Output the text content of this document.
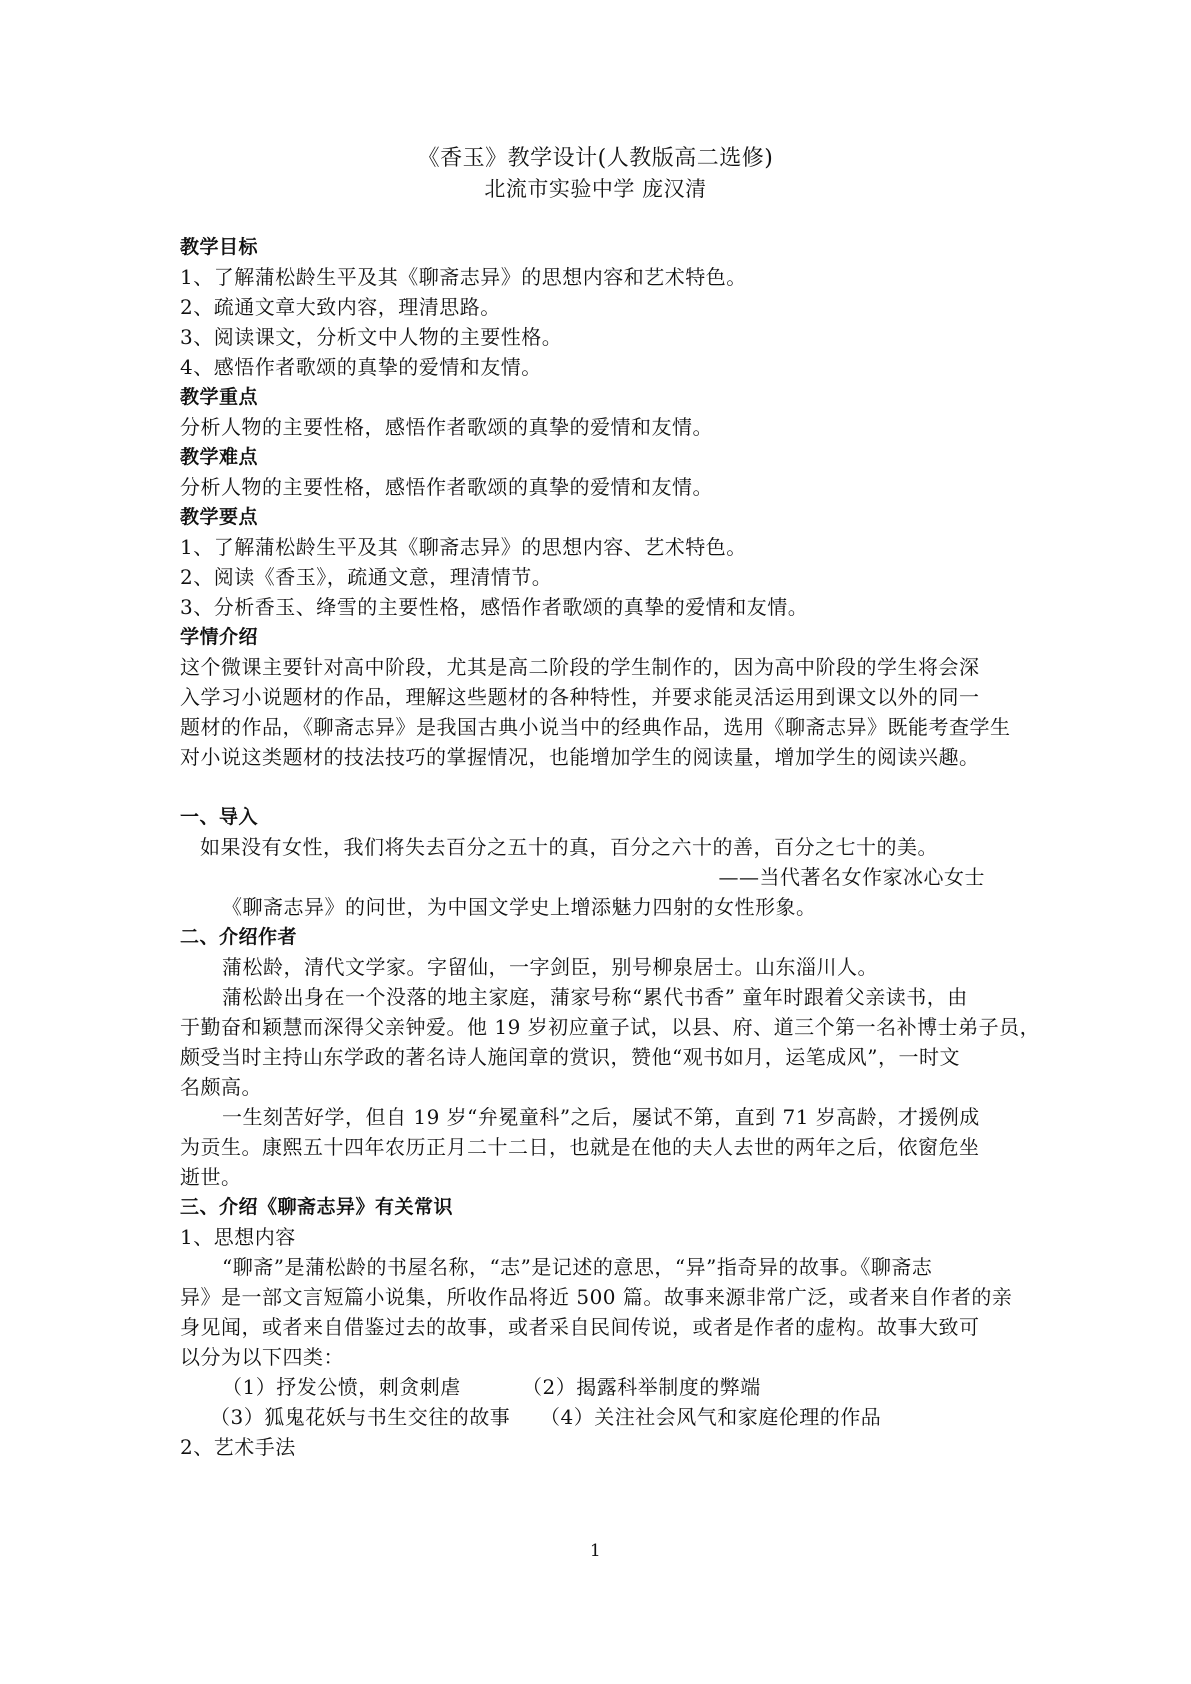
《香玉》教学设计(人教版高二选修)
北流市实验中学 庞汉清
教学目标
1、了解蒲松龄生平及其《聊斋志异》的思想内容和艺术特色。
2、疏通文章大致内容，理清思路。
3、阅读课文，分析文中人物的主要性格。
4、感悟作者歌颂的真挚的爱情和友情。
教学重点
分析人物的主要性格，感悟作者歌颂的真挚的爱情和友情。
教学难点
分析人物的主要性格，感悟作者歌颂的真挚的爱情和友情。
教学要点
1、了解蒲松龄生平及其《聊斋志异》的思想内容、艺术特色。
2、阅读《香玉》，疏通文意，理清情节。
3、分析香玉、绛雪的主要性格，感悟作者歌颂的真挚的爱情和友情。
学情介绍
这个微课主要针对高中阶段，尤其是高二阶段的学生制作的，因为高中阶段的学生将会深
入学习小说题材的作品，理解这些题材的各种特性，并要求能灵活运用到课文以外的同一
题材的作品，《聊斋志异》是我国古典小说当中的经典作品，选用《聊斋志异》既能考查学生
对小说这类题材的技法技巧的掌握情况，也能增加学生的阅读量，增加学生的阅读兴趣。
一、导入
如果没有女性，我们将失去百分之五十的真，百分之六十的善，百分之七十的美。
——当代著名女作家冰心女士
《聊斋志异》的问世，为中国文学史上增添魅力四射的女性形象。
二、介绍作者
蒲松龄，清代文学家。字留仙，一字剑臣，别号柳泉居士。山东淄川人。
蒲松龄出身在一个没落的地主家庭，蒲家号称“累代书香” 童年时跟着父亲读书，由
于勤奋和颖慧而深得父亲钟爱。他 19 岁初应童子试，以县、府、道三个第一名补博士弟子员，
颇受当时主持山东学政的著名诗人施闰章的赏识，赞他“观书如月，运笔成风”，一时文
名颇高。
一生刻苦好学，但自 19 岁“弁冕童科”之后，屡试不第，直到 71 岁高龄，才援例成
为贡生。康熙五十四年农历正月二十二日，也就是在他的夫人去世的两年之后，依窗危坐
逝世。
三、介绍《聊斋志异》有关常识
1、思想内容
“聊斋”是蒲松龄的书屋名称，“志”是记述的意思，“异”指奇异的故事。《聊斋志
异》是一部文言短篇小说集，所收作品将近 500 篇。故事来源非常广泛，或者来自作者的亲
身见闻，或者来自借鉴过去的故事，或者采自民间传说，或者是作者的虚构。故事大致可
以分为以下四类：
（1）抒发公愤，刺贪刺虐	（2）揭露科举制度的弊端
（3）狐鬼花妖与书生交往的故事 （4）关注社会风气和家庭伦理的作品
2、艺术手法
1
